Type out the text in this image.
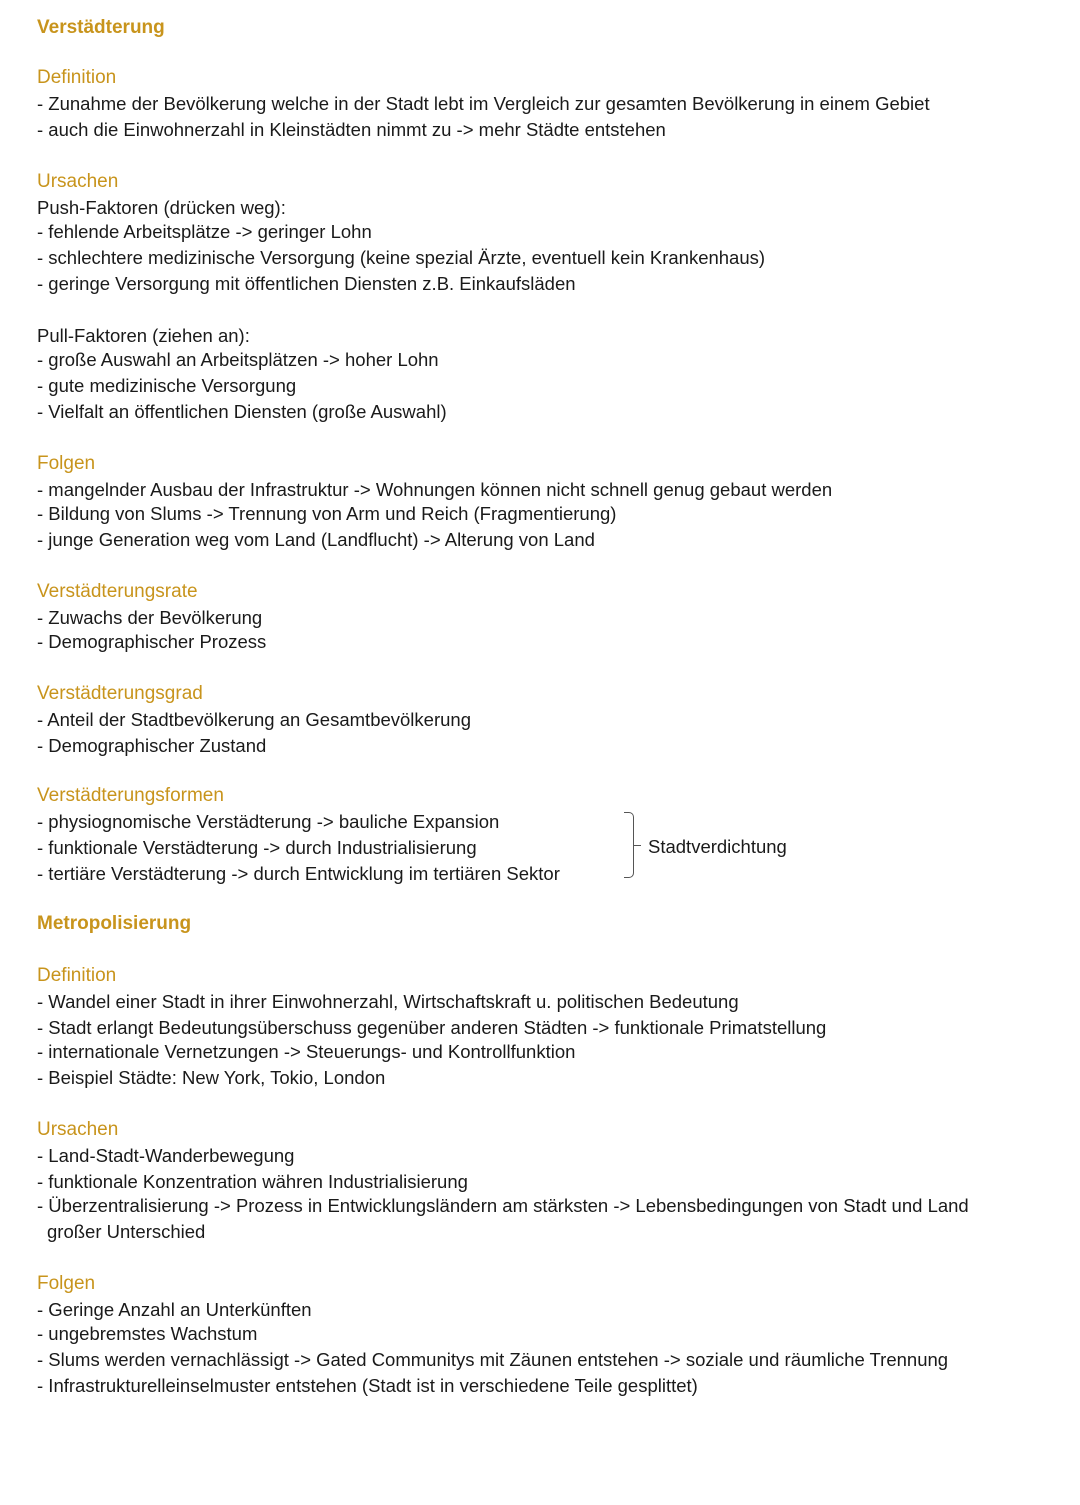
Verstädterung
Definition
- Zunahme der Bevölkerung welche in der Stadt lebt im Vergleich zur gesamten Bevölkerung in einem Gebiet
- auch die Einwohnerzahl in Kleinstädten nimmt zu -> mehr Städte entstehen
Ursachen
Push-Faktoren (drücken weg):
- fehlende Arbeitsplätze -> geringer Lohn
- schlechtere medizinische Versorgung (keine spezial Ärzte, eventuell kein Krankenhaus)
- geringe Versorgung mit öffentlichen Diensten z.B. Einkaufsläden
Pull-Faktoren (ziehen an):
- große Auswahl an Arbeitsplätzen -> hoher Lohn
- gute medizinische Versorgung
- Vielfalt an öffentlichen Diensten (große Auswahl)
Folgen
- mangelnder Ausbau der Infrastruktur -> Wohnungen können nicht schnell genug gebaut werden
- Bildung von Slums -> Trennung von Arm und Reich (Fragmentierung)
- junge Generation weg vom Land (Landflucht) -> Alterung von Land
Verstädterungsrate
- Zuwachs der Bevölkerung
- Demographischer Prozess
Verstädterungsgrad
- Anteil der Stadtbevölkerung an Gesamtbevölkerung
- Demographischer Zustand
Verstädterungsformen
- physiognomische Verstädterung -> bauliche Expansion
- funktionale Verstädterung -> durch Industrialisierung
- tertiäre Verstädterung -> durch Entwicklung im tertiären Sektor
Stadtverdichtung
Metropolisierung
Definition
- Wandel einer Stadt in ihrer Einwohnerzahl, Wirtschaftskraft u. politischen Bedeutung
- Stadt erlangt Bedeutungsüberschuss gegenüber anderen Städten -> funktionale Primatstellung
- internationale Vernetzungen -> Steuerungs- und Kontrollfunktion
- Beispiel Städte: New York, Tokio, London
Ursachen
- Land-Stadt-Wanderbewegung
- funktionale Konzentration währen Industrialisierung
- Überzentralisierung -> Prozess in Entwicklungsländern am stärksten -> Lebensbedingungen von Stadt und Land
großer Unterschied
Folgen
- Geringe Anzahl an Unterkünften
- ungebremstes Wachstum
- Slums werden vernachlässigt -> Gated Communitys mit Zäunen entstehen -> soziale und räumliche Trennung
- Infrastrukturelleinselmuster entstehen (Stadt ist in verschiedene Teile gesplittet)
